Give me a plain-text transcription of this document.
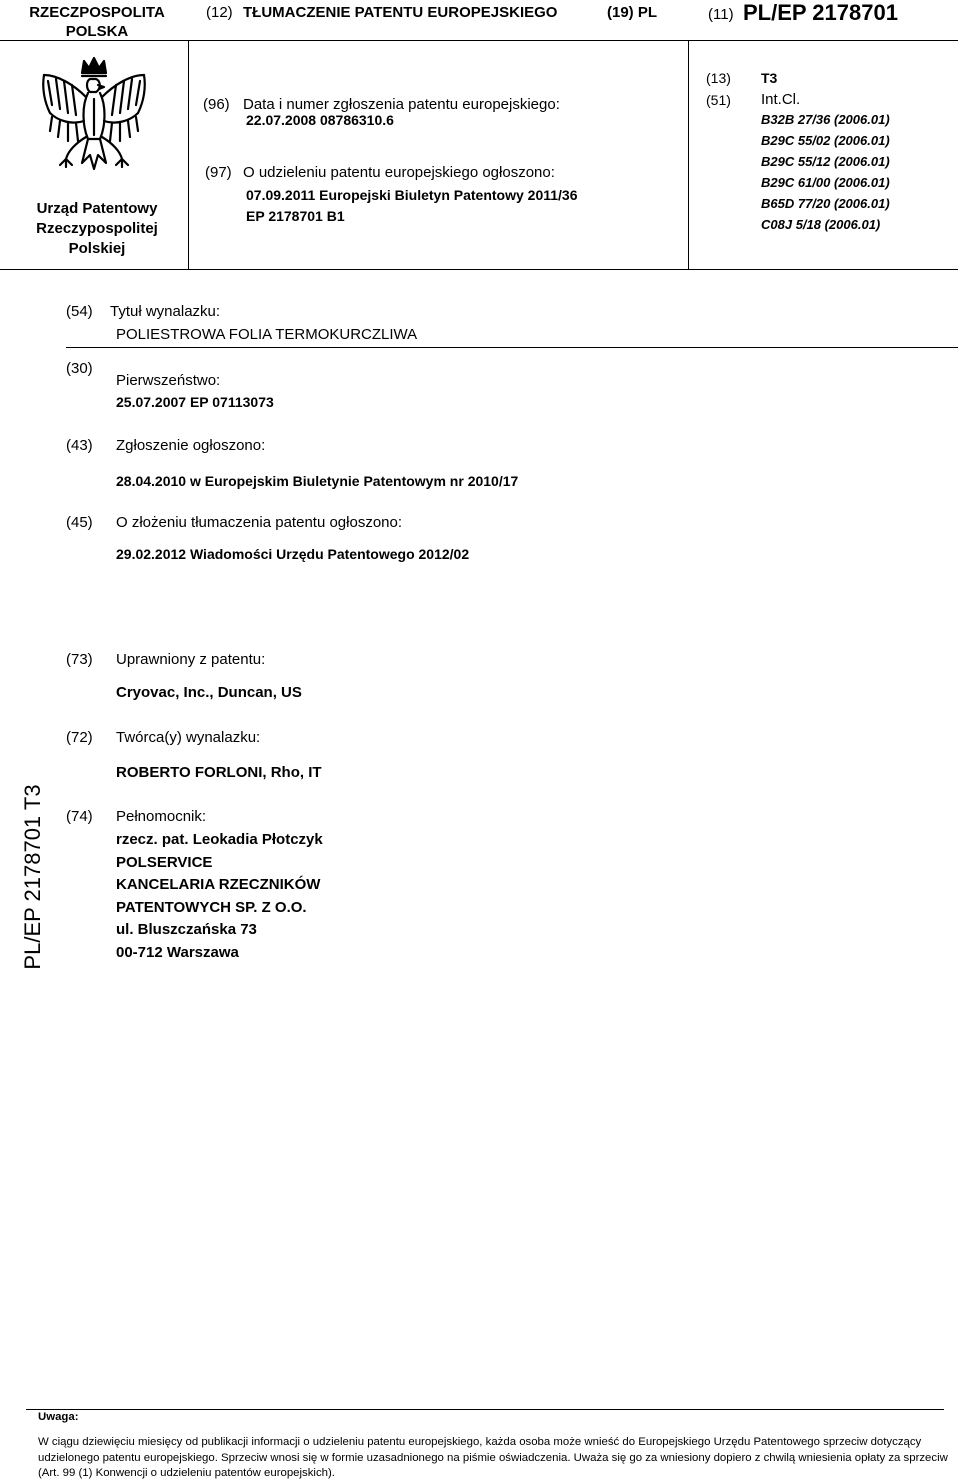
RZECZPOSPOLITA
POLSKA
(12) TŁUMACZENIE PATENTU EUROPEJSKIEGO	(19) PL	(11) PL/EP 2178701
Urząd Patentowy
Rzeczypospolitej
Polskiej
(96) Data i numer zgłoszenia patentu europejskiego:
22.07.2008 08786310.6
(97) O udzieleniu patentu europejskiego ogłoszono:
07.09.2011 Europejski Biuletyn Patentowy 2011/36
EP 2178701 B1
(13) T3
(51) Int.Cl.
B32B 27/36 (2006.01)
B29C 55/02 (2006.01)
B29C 55/12 (2006.01)
B29C 61/00 (2006.01)
B65D 77/20 (2006.01)
C08J 5/18 (2006.01)
(54) Tytuł wynalazku:
POLIESTROWA FOLIA TERMOKURCZLIWA
(30)
Pierwszeństwo:
25.07.2007 EP 07113073
(43) Zgłoszenie ogłoszono:
28.04.2010 w Europejskim Biuletynie Patentowym nr 2010/17
(45) O złożeniu tłumaczenia patentu ogłoszono:
29.02.2012 Wiadomości Urzędu Patentowego 2012/02
(73) Uprawniony z patentu:
Cryovac, Inc., Duncan, US
(72) Twórca(y) wynalazku:
ROBERTO FORLONI, Rho, IT
(74) Pełnomocnik:
rzecz. pat. Leokadia Płotczyk
POLSERVICE
KANCELARIA RZECZNIKÓW
PATENTOWYCH SP. Z O.O.
ul. Bluszczańska 73
00-712 Warszawa
PL/EP 2178701 T3
Uwaga:
W ciągu dziewięciu miesięcy od publikacji informacji o udzieleniu patentu europejskiego, każda osoba może wnieść do Europejskiego Urzędu Patentowego sprzeciw dotyczący udzielonego patentu europejskiego. Sprzeciw wnosi się w formie uzasadnionego na piśmie oświadczenia. Uważa się go za wniesiony dopiero z chwilą wniesienia opłaty za sprzeciw (Art. 99 (1) Konwencji o udzieleniu patentów europejskich).
